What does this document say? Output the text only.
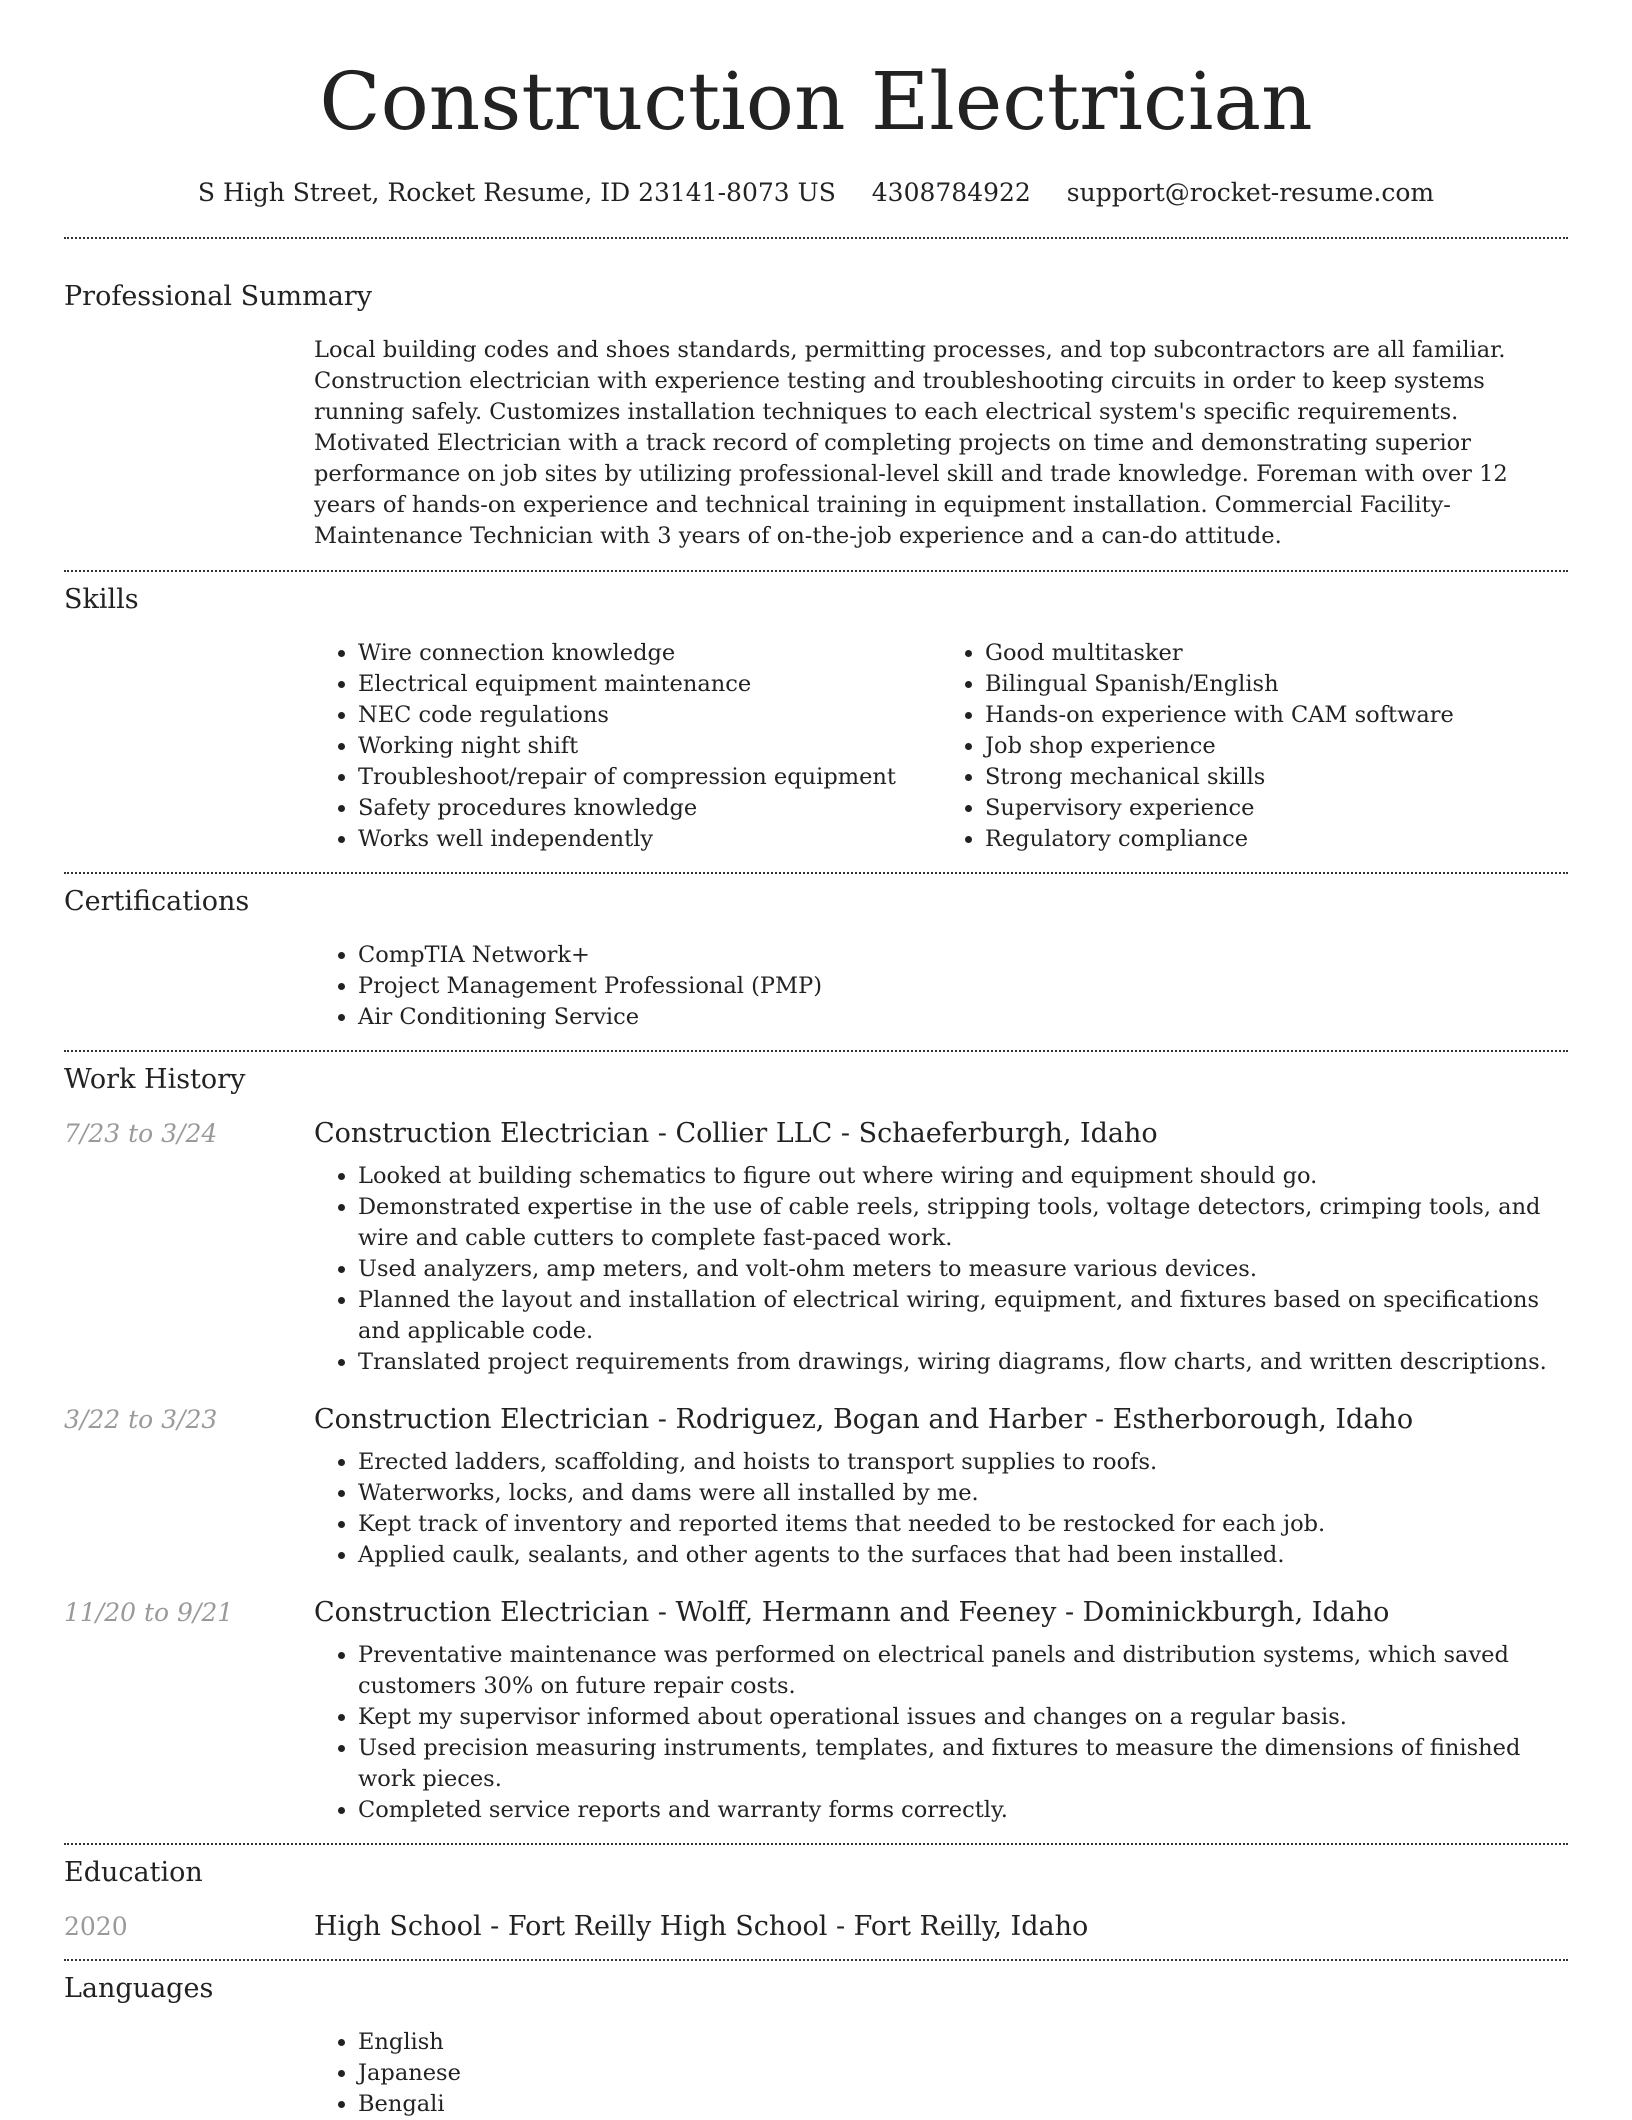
Construction Electrician
S High Street, Rocket Resume, ID 23141-8073 US 4308784922 support@rocket-resume.com
Professional Summary
Local building codes and shoes standards, permitting processes, and top subcontractors are all familiar. Construction electrician with experience testing and troubleshooting circuits in order to keep systems running safely. Customizes installation techniques to each electrical system's specific requirements. Motivated Electrician with a track record of completing projects on time and demonstrating superior performance on job sites by utilizing professional-level skill and trade knowledge. Foreman with over 12 years of hands-on experience and technical training in equipment installation. Commercial Facility-Maintenance Technician with 3 years of on-the-job experience and a can-do attitude.
Skills
• Wire connection knowledge
• Electrical equipment maintenance
• NEC code regulations
• Working night shift
• Troubleshoot/repair of compression equipment
• Safety procedures knowledge
• Works well independently
• Good multitasker
• Bilingual Spanish/English
• Hands-on experience with CAM software
• Job shop experience
• Strong mechanical skills
• Supervisory experience
• Regulatory compliance
Certifications
• CompTIA Network+
• Project Management Professional (PMP)
• Air Conditioning Service
Work History
7/23 to 3/24	Construction Electrician - Collier LLC - Schaeferburgh, Idaho
• Looked at building schematics to figure out where wiring and equipment should go.
• Demonstrated expertise in the use of cable reels, stripping tools, voltage detectors, crimping tools, and wire and cable cutters to complete fast-paced work.
• Used analyzers, amp meters, and volt-ohm meters to measure various devices.
• Planned the layout and installation of electrical wiring, equipment, and fixtures based on specifications and applicable code.
• Translated project requirements from drawings, wiring diagrams, flow charts, and written descriptions.
3/22 to 3/23	Construction Electrician - Rodriguez, Bogan and Harber - Estherborough, Idaho
• Erected ladders, scaffolding, and hoists to transport supplies to roofs.
• Waterworks, locks, and dams were all installed by me.
• Kept track of inventory and reported items that needed to be restocked for each job.
• Applied caulk, sealants, and other agents to the surfaces that had been installed.
11/20 to 9/21	Construction Electrician - Wolff, Hermann and Feeney - Dominickburgh, Idaho
• Preventative maintenance was performed on electrical panels and distribution systems, which saved customers 30% on future repair costs.
• Kept my supervisor informed about operational issues and changes on a regular basis.
• Used precision measuring instruments, templates, and fixtures to measure the dimensions of finished work pieces.
• Completed service reports and warranty forms correctly.
Education
2020	High School - Fort Reilly High School - Fort Reilly, Idaho
Languages
• English
• Japanese
• Bengali
